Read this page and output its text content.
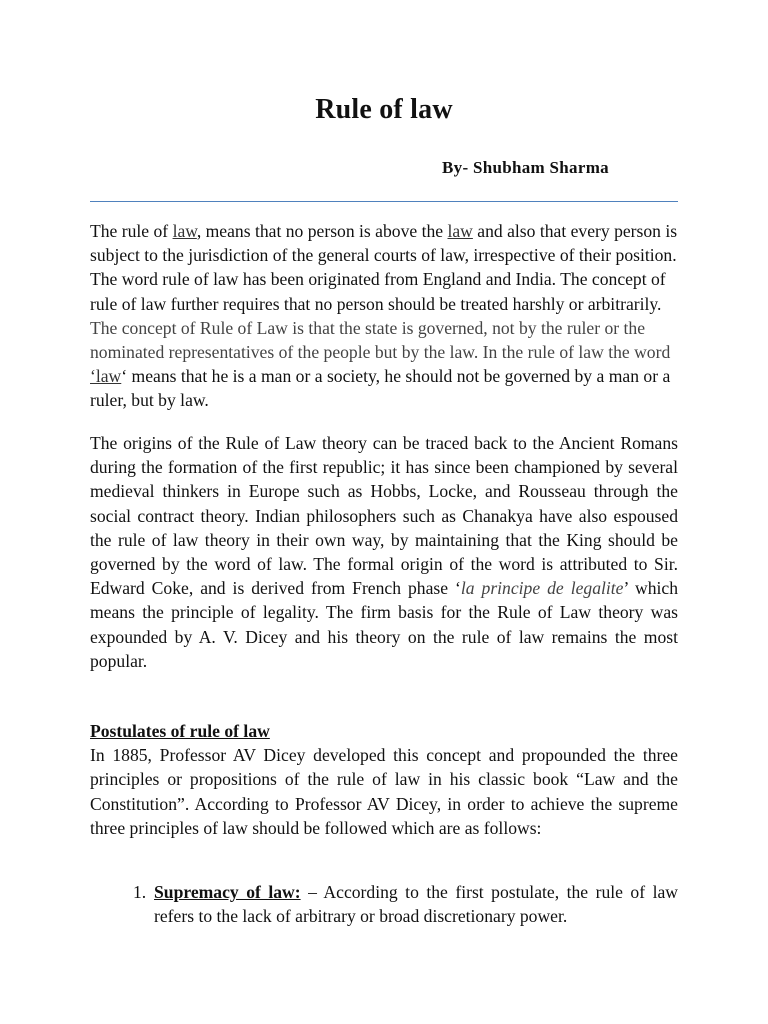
Rule of law
By- Shubham Sharma
The rule of law, means that no person is above the law and also that every person is subject to the jurisdiction of the general courts of law, irrespective of their position. The word rule of law has been originated from England and India. The concept of rule of law further requires that no person should be treated harshly or arbitrarily. The concept of Rule of Law is that the state is governed, not by the ruler or the nominated representatives of the people but by the law. In the rule of law the word ‘law‘ means that he is a man or a society, he should not be governed by a man or a ruler, but by law.
The origins of the Rule of Law theory can be traced back to the Ancient Romans during the formation of the first republic; it has since been championed by several medieval thinkers in Europe such as Hobbs, Locke, and Rousseau through the social contract theory. Indian philosophers such as Chanakya have also espoused the rule of law theory in their own way, by maintaining that the King should be governed by the word of law. The formal origin of the word is attributed to Sir. Edward Coke, and is derived from French phase ‘la principe de legalite’ which means the principle of legality. The firm basis for the Rule of Law theory was expounded by A. V. Dicey and his theory on the rule of law remains the most popular.
Postulates of rule of law
In 1885, Professor AV Dicey developed this concept and propounded the three principles or propositions of the rule of law in his classic book “Law and the Constitution”. According to Professor AV Dicey, in order to achieve the supreme three principles of law should be followed which are as follows:
1. Supremacy of law: – According to the first postulate, the rule of law refers to the lack of arbitrary or broad discretionary power.
